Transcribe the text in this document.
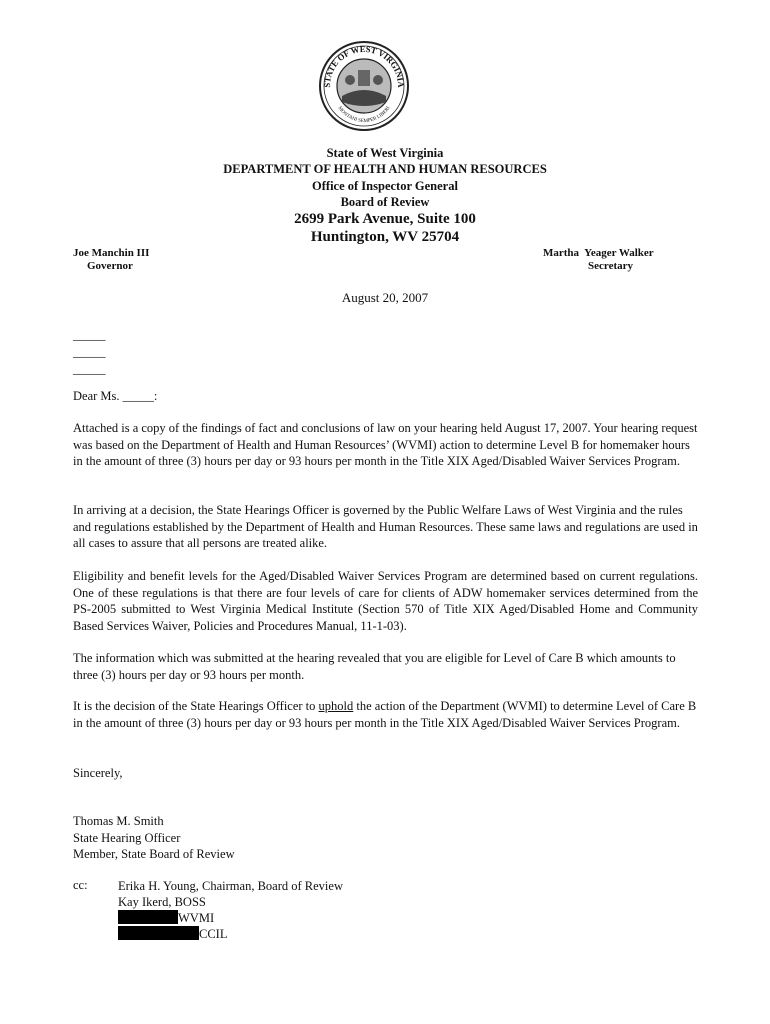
STATE OF WEST VIRGINIA
MONTANI SEMPER LIBERI
State of West Virginia
DEPARTMENT OF HEALTH AND HUMAN RESOURCES
Office of Inspector General
Board of Review
2699 Park Avenue, Suite 100
Huntington, WV 25704
Joe Manchin III
Governor
Martha  Yeager Walker
Secretary
August 20, 2007
_____
_____
_____
Dear Ms. _____:
Attached is a copy of the findings of fact and conclusions of law on your hearing held August 17, 2007. Your hearing request was based on the Department of Health and Human Resources’ (WVMI) action to determine Level B for homemaker hours in the amount of three (3) hours per day or 93 hours per month in the Title XIX Aged/Disabled Waiver Services Program.
In arriving at a decision, the State Hearings Officer is governed by the Public Welfare Laws of West Virginia and the rules and regulations established by the Department of Health and Human Resources. These same laws and regulations are used in all cases to assure that all persons are treated alike.
Eligibility and benefit levels for the Aged/Disabled Waiver Services Program are determined based on current regulations. One of these regulations is that there are four levels of care for clients of ADW homemaker services determined from the PS-2005 submitted to West Virginia Medical Institute (Section 570 of Title XIX Aged/Disabled Home and Community Based Services Waiver, Policies and Procedures Manual, 11-1-03).
The information which was submitted at the hearing revealed that you are eligible for Level of Care B which amounts to three (3) hours per day or 93 hours per month.
It is the decision of the State Hearings Officer to uphold the action of the Department (WVMI) to determine Level of Care B in the amount of three (3) hours per day or 93 hours per month in the Title XIX Aged/Disabled Waiver Services Program.
Sincerely,
Thomas M. Smith
State Hearing Officer
Member, State Board of Review
cc: Erika H. Young, Chairman, Board of Review
Kay Ikerd, BOSS
WVMI
CCIL
